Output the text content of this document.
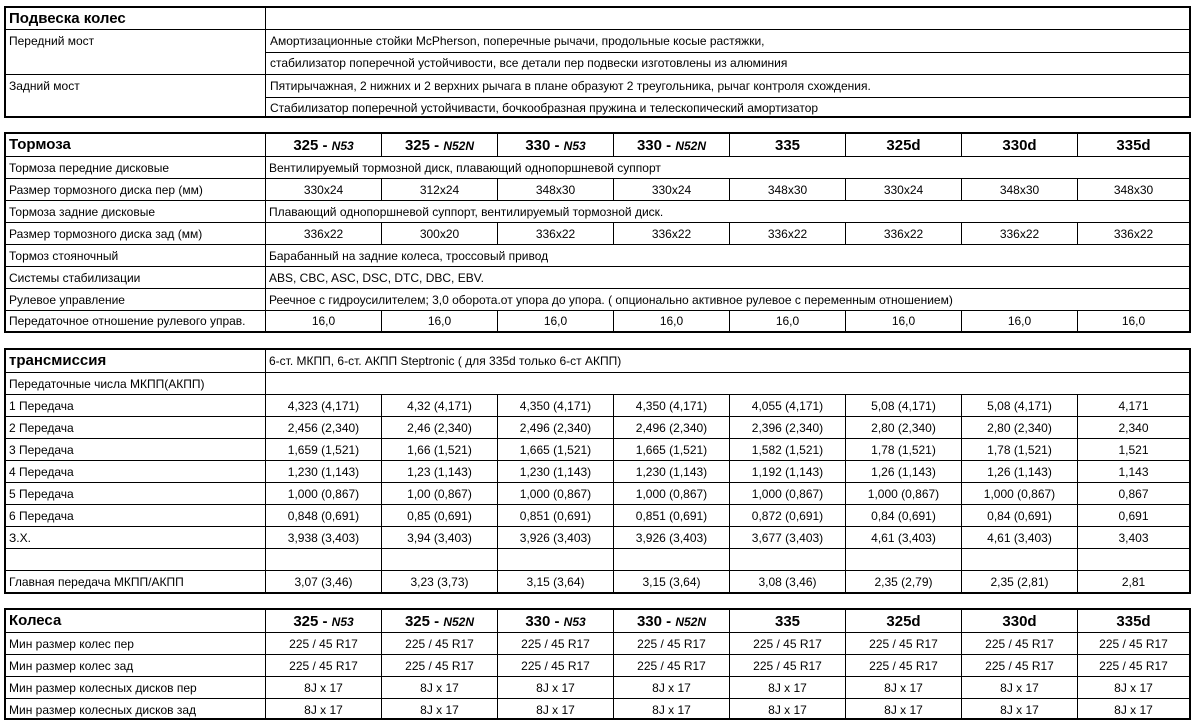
Подвеска колес
Передний мост	Амортизационные стойки McPherson, поперечные рычачи, продольные косые растяжки,
стабилизатор поперечной устойчивости, все детали пер подвески изготовлены из алюминия
Задний мост	Пятирычажная, 2 нижних и 2 верхних рычага в плане образуют 2 треугольника, рычаг контроля схождения.
Стабилизатор поперечной устойчивасти, бочкообразная пружина и телескопический амортизатор
Тормоза	325 - N53	325 - N52N	330 - N53	330 - N52N	335	325d	330d	335d
Тормоза передние дисковые	Вентилируемый тормозной диск, плавающий однопоршневой суппорт
Размер тормозного диска пер (мм)	330x24	312x24	348x30	330x24	348x30	330x24	348x30	348x30
Тормоза задние дисковые	Плавающий однопоршневой суппорт, вентилируемый тормозной диск.
Размер тормозного диска зад (мм)	336x22	300x20	336x22	336x22	336x22	336x22	336x22	336x22
Тормоз стояночный	Барабанный на задние колеса, тросcовый привод
Системы стабилизации	ABS, CBC, ASC, DSC, DTC, DBC, EBV.
Рулевое управление	Реечное с гидроусилителем; 3,0 оборота.от упора до упора. ( опционально активное рулевое с переменным отношением)
Передаточное отношение рулевого управ.	16,0	16,0	16,0	16,0	16,0	16,0	16,0	16,0
трансмиссия	6-ст. МКПП, 6-ст. АКПП Steptronic ( для 335d только 6-ст АКПП)
Передаточные числа МКПП(АКПП)
1 Передача	4,323 (4,171)	4,32 (4,171)	4,350 (4,171)	4,350 (4,171)	4,055 (4,171)	5,08 (4,171)	5,08 (4,171)	4,171
2 Передача	2,456 (2,340)	2,46 (2,340)	2,496 (2,340)	2,496 (2,340)	2,396 (2,340)	2,80 (2,340)	2,80 (2,340)	2,340
3 Передача	1,659 (1,521)	1,66 (1,521)	1,665 (1,521)	1,665 (1,521)	1,582 (1,521)	1,78 (1,521)	1,78 (1,521)	1,521
4 Передача	1,230 (1,143)	1,23 (1,143)	1,230 (1,143)	1,230 (1,143)	1,192 (1,143)	1,26 (1,143)	1,26 (1,143)	1,143
5 Передача	1,000 (0,867)	1,00 (0,867)	1,000 (0,867)	1,000 (0,867)	1,000 (0,867)	1,000 (0,867)	1,000 (0,867)	0,867
6 Передача	0,848 (0,691)	0,85 (0,691)	0,851 (0,691)	0,851 (0,691)	0,872 (0,691)	0,84 (0,691)	0,84 (0,691)	0,691
З.Х.	3,938 (3,403)	3,94 (3,403)	3,926 (3,403)	3,926 (3,403)	3,677 (3,403)	4,61 (3,403)	4,61 (3,403)	3,403
Главная передача МКПП/АКПП	3,07 (3,46)	3,23 (3,73)	3,15 (3,64)	3,15 (3,64)	3,08 (3,46)	2,35 (2,79)	2,35 (2,81)	2,81
Колеса	325 - N53	325 - N52N	330 - N53	330 - N52N	335	325d	330d	335d
Мин размер колес пер	225 / 45 R17	225 / 45 R17	225 / 45 R17	225 / 45 R17	225 / 45 R17	225 / 45 R17	225 / 45 R17	225 / 45 R17
Мин размер колес зад	225 / 45 R17	225 / 45 R17	225 / 45 R17	225 / 45 R17	225 / 45 R17	225 / 45 R17	225 / 45 R17	225 / 45 R17
Мин размер колесных дисков пер	8J x 17	8J x 17	8J x 17	8J x 17	8J x 17	8J x 17	8J x 17	8J x 17
Мин размер колесных дисков зад	8J x 17	8J x 17	8J x 17	8J x 17	8J x 17	8J x 17	8J x 17	8J x 17
